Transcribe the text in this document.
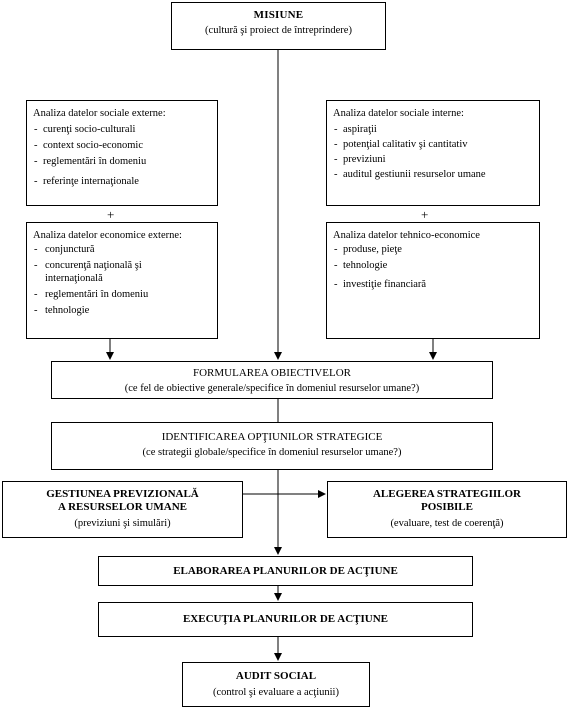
MISIUNE
(cultură şi proiect de întreprindere)
Analiza datelor sociale externe:
- curenţi socio-culturali
- context socio-economic
- reglementări în domeniu
- referinţe internaţionale
+
Analiza datelor sociale interne:
- aspiraţii
- potenţial calitativ şi cantitativ
- previziuni
- auditul gestiunii resurselor umane
+
Analiza datelor economice externe:
- conjunctură
- concurenţă naţională şi internaţională
- reglementări în domeniu
- tehnologie
Analiza datelor tehnico-economice
- produse, pieţe
- tehnologie
- investiţie financiară
FORMULAREA OBIECTIVELOR
(ce fel de obiective generale/specifice în domeniul resurselor umane?)
IDENTIFICAREA OPŢIUNILOR STRATEGICE
(ce strategii globale/specifice în domeniul resurselor umane?)
GESTIUNEA PREVIZIONALĂ
A RESURSELOR UMANE
(previziuni şi simulări)
ALEGEREA STRATEGIILOR
POSIBILE
(evaluare, test de coerenţă)
ELABORAREA PLANURILOR DE ACŢIUNE
EXECUŢIA PLANURILOR DE ACŢIUNE
AUDIT SOCIAL
(control şi evaluare a acţiunii)
